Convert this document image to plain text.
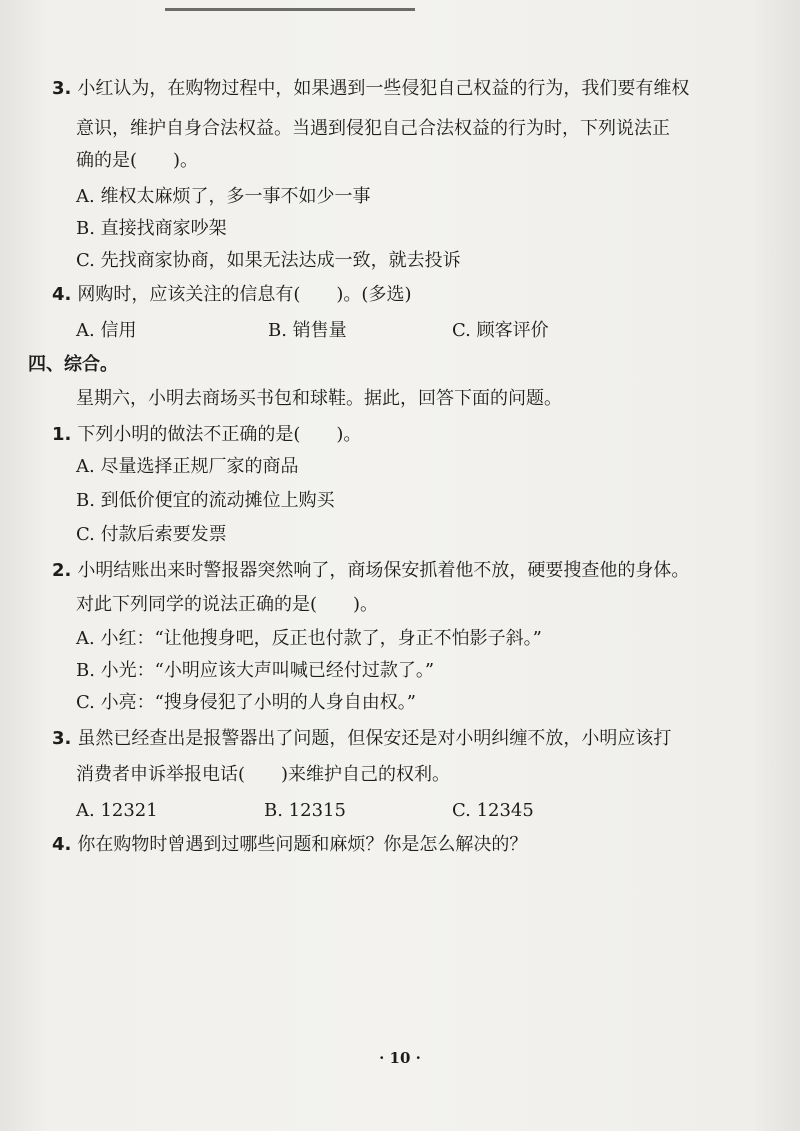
3. 小红认为，在购物过程中，如果遇到一些侵犯自己权益的行为，我们要有维权
意识，维护自身合法权益。当遇到侵犯自己合法权益的行为时，下列说法正
确的是(　　)。
A. 维权太麻烦了，多一事不如少一事
B. 直接找商家吵架
C. 先找商家协商，如果无法达成一致，就去投诉
4. 网购时，应该关注的信息有(　　)。(多选)
A. 信用	B. 销售量	C. 顾客评价
四、综合。
星期六，小明去商场买书包和球鞋。据此，回答下面的问题。
1. 下列小明的做法不正确的是(　　)。
A. 尽量选择正规厂家的商品
B. 到低价便宜的流动摊位上购买
C. 付款后索要发票
2. 小明结账出来时警报器突然响了，商场保安抓着他不放，硬要搜查他的身体。
对此下列同学的说法正确的是(　　)。
A. 小红：“让他搜身吧，反正也付款了，身正不怕影子斜。”
B. 小光：“小明应该大声叫喊已经付过款了。”
C. 小亮：“搜身侵犯了小明的人身自由权。”
3. 虽然已经查出是报警器出了问题，但保安还是对小明纠缠不放，小明应该打
消费者申诉举报电话(　　)来维护自己的权利。
A. 12321	B. 12315	C. 12345
4. 你在购物时曾遇到过哪些问题和麻烦？你是怎么解决的？
· 10 ·
